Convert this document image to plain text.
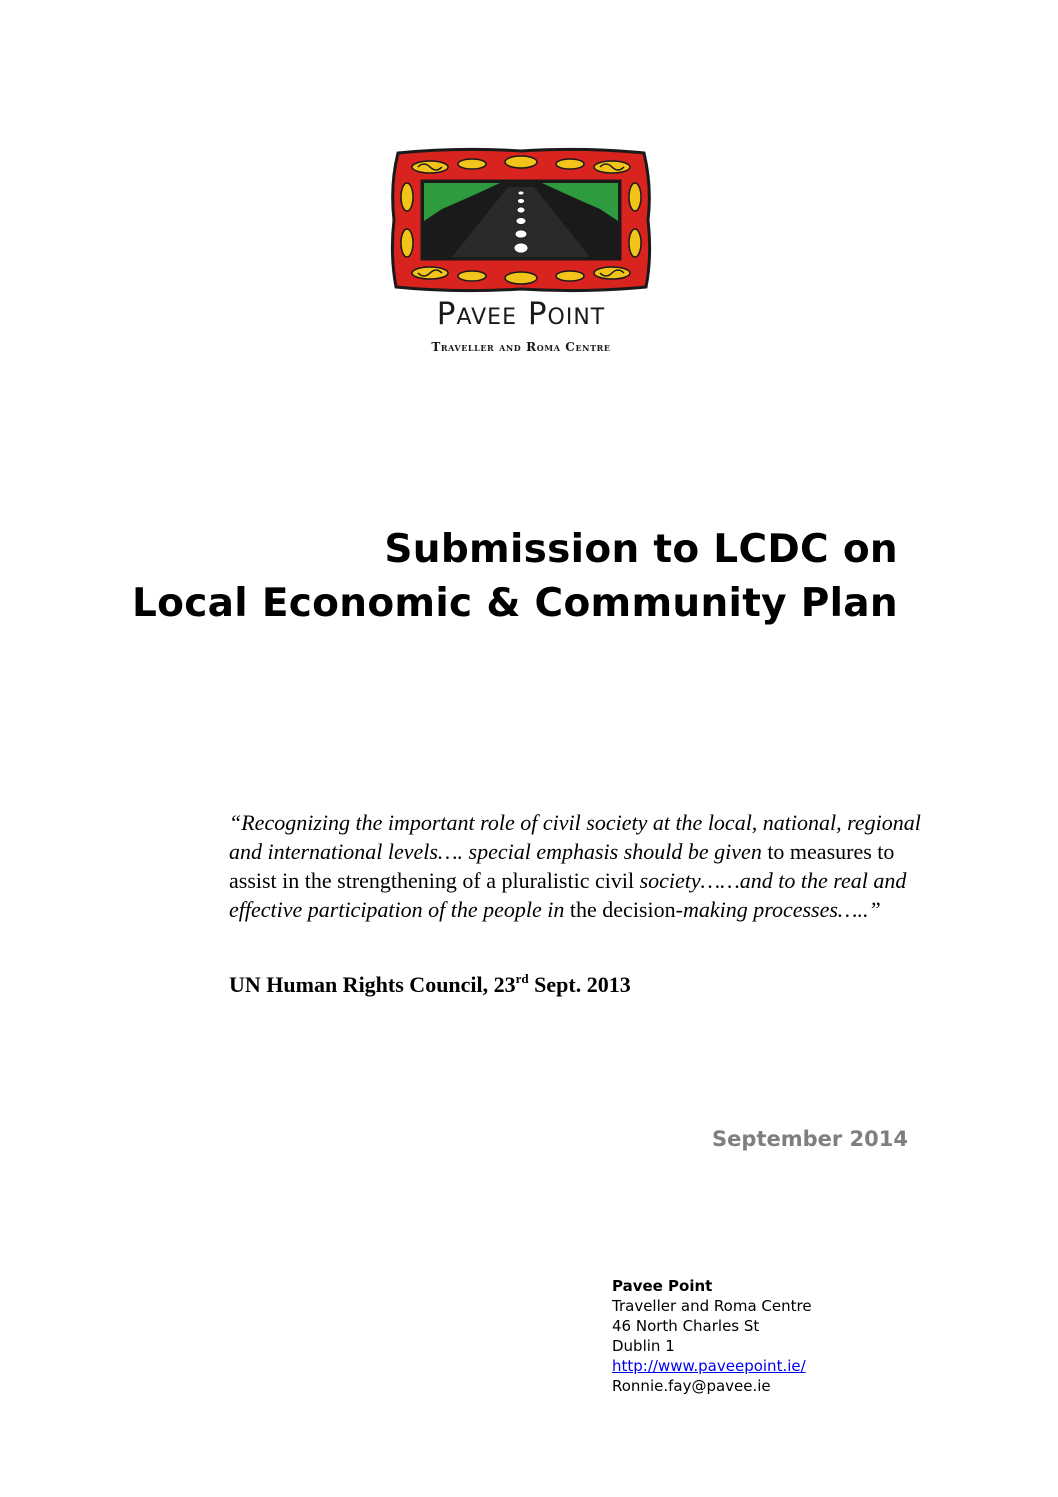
Pavee Point
Traveller and Roma Centre
Submission to LCDC on
Local Economic & Community Plan
“Recognizing the important role of civil society at the local, national, regional and international levels…. special emphasis should be given to measures to assist in the strengthening of a pluralistic civil society……and to the real and effective participation of the people in the decision-making processes…..”
UN Human Rights Council, 23rd Sept. 2013
September 2014
Pavee Point
Traveller and Roma Centre
46 North Charles St
Dublin 1
http://www.paveepoint.ie/
Ronnie.fay@pavee.ie
